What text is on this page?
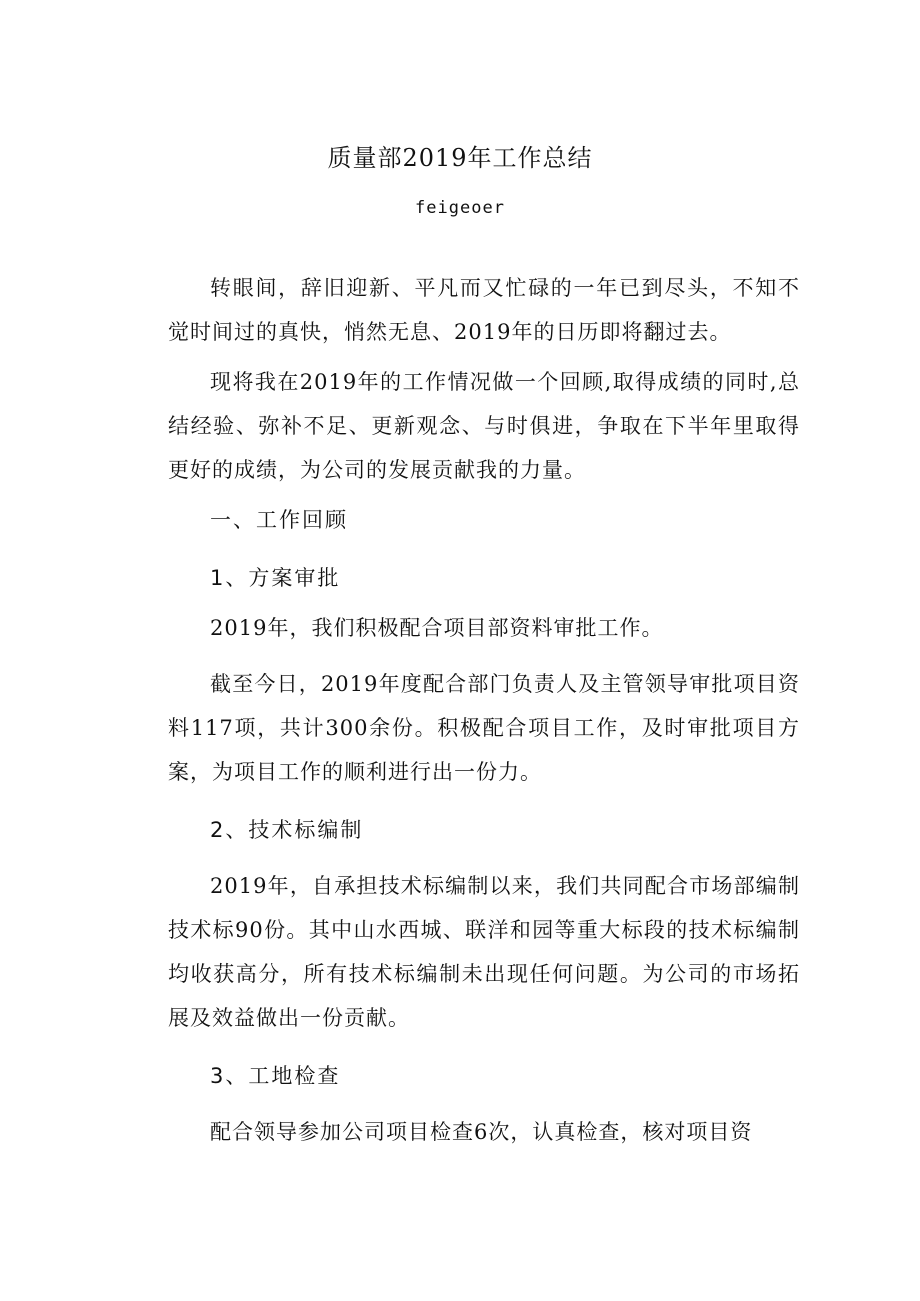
质量部2019年工作总结
feigeoer

转眼间，辞旧迎新、平凡而又忙碌的一年已到尽头，不知不觉时间过的真快，悄然无息、2019年的日历即将翻过去。

现将我在2019年的工作情况做一个回顾,取得成绩的同时,总结经验、弥补不足、更新观念、与时俱进，争取在下半年里取得更好的成绩，为公司的发展贡献我的力量。

一、工作回顾

1、方案审批

2019年，我们积极配合项目部资料审批工作。

截至今日，2019年度配合部门负责人及主管领导审批项目资料117项，共计300余份。积极配合项目工作，及时审批项目方案，为项目工作的顺利进行出一份力。

2、技术标编制

2019年，自承担技术标编制以来，我们共同配合市场部编制技术标90份。其中山水西城、联洋和园等重大标段的技术标编制均收获高分，所有技术标编制未出现任何问题。为公司的市场拓展及效益做出一份贡献。

3、工地检查

配合领导参加公司项目检查6次，认真检查，核对项目资
